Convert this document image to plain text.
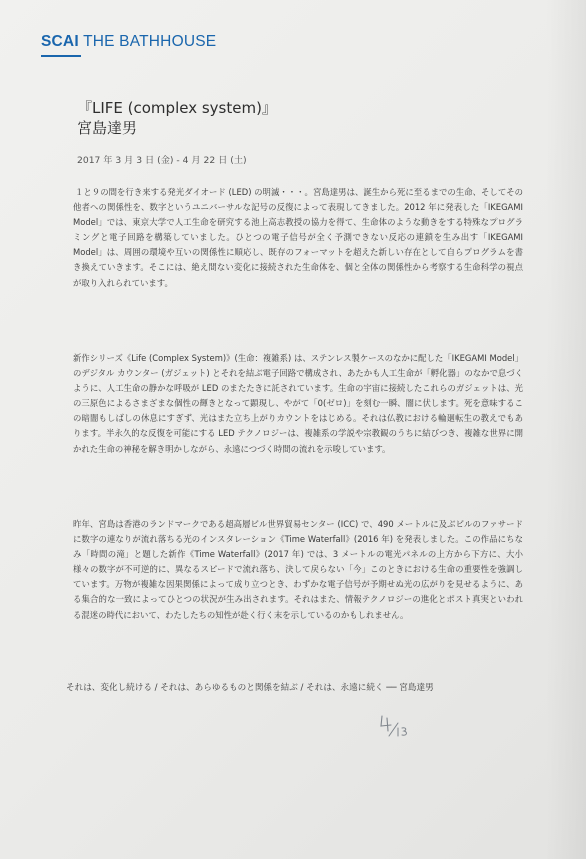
SCAI THE BATHHOUSE
『LIFE (complex system)』
宮島達男
2017 年 3 月 3 日 (金) - 4 月 22 日 (土)
１と９の間を行き来する発光ダイオード (LED) の明滅・・・。宮島達男は、誕生から死に至るまでの生命、そしてその他者への関係性を、数字というユニバーサルな記号の反復によって表現してきました。2012 年に発表した「IKEGAMI Model」では、東京大学で人工生命を研究する池上高志教授の協力を得て、生命体のような動きをする特殊なプログラミングと電子回路を構築していました。ひとつの電子信号が全く予測できない反応の連鎖を生み出す「IKEGAMI Model」は、周囲の環境や互いの関係性に順応し、既存のフォーマットを超えた新しい存在として自らプログラムを書き換えていきます。そこには、絶え間ない変化に接続された生命体を、個と全体の関係性から考察する生命科学の視点が取り入れられています。
新作シリーズ《Life (Complex System)》(生命：複雑系) は、ステンレス製ケースのなかに配した「IKEGAMI Model」のデジタル カウンター (ガジェット) とそれを結ぶ電子回路で構成され、あたかも人工生命が「孵化器」のなかで息づくように、人工生命の静かな呼吸が LED のまたたきに託されています。生命の宇宙に接続したこれらのガジェットは、光の三原色によるさまざまな個性の輝きとなって顕現し、やがて「0(ゼロ)」を刻む一瞬、闇に伏します。死を意味するこの暗闇もしばしの休息にすぎず、光はまた立ち上がりカウントをはじめる。それは仏教における輪廻転生の教えでもあります。半永久的な反復を可能にする LED テクノロジーは、複雑系の学説や宗教観のうちに結びつき、複雑な世界に開かれた生命の神秘を解き明かしながら、永遠につづく時間の流れを示唆しています。
昨年、宮島は香港のランドマークである超高層ビル世界貿易センター (ICC) で、490 メートルに及ぶビルのファサードに数字の連なりが流れ落ちる光のインスタレーション《Time Waterfall》(2016 年) を発表しました。この作品にちなみ「時間の滝」と題した新作《Time Waterfall》(2017 年) では、3 メートルの電光パネルの上方から下方に、大小様々の数字が不可逆的に、異なるスピードで流れ落ち、決して戻らない「今」このときにおける生命の重要性を強調しています。万物が複雑な因果関係によって成り立つとき、わずかな電子信号が予期せぬ光の広がりを見せるように、ある集合的な一致によってひとつの状況が生み出されます。それはまた、情報テクノロジーの進化とポスト真実といわれる混迷の時代において、わたしたちの知性が赴く行く末を示しているのかもしれません。
それは、変化し続ける / それは、あらゆるものと関係を結ぶ / それは、永遠に続く ── 宮島達男
